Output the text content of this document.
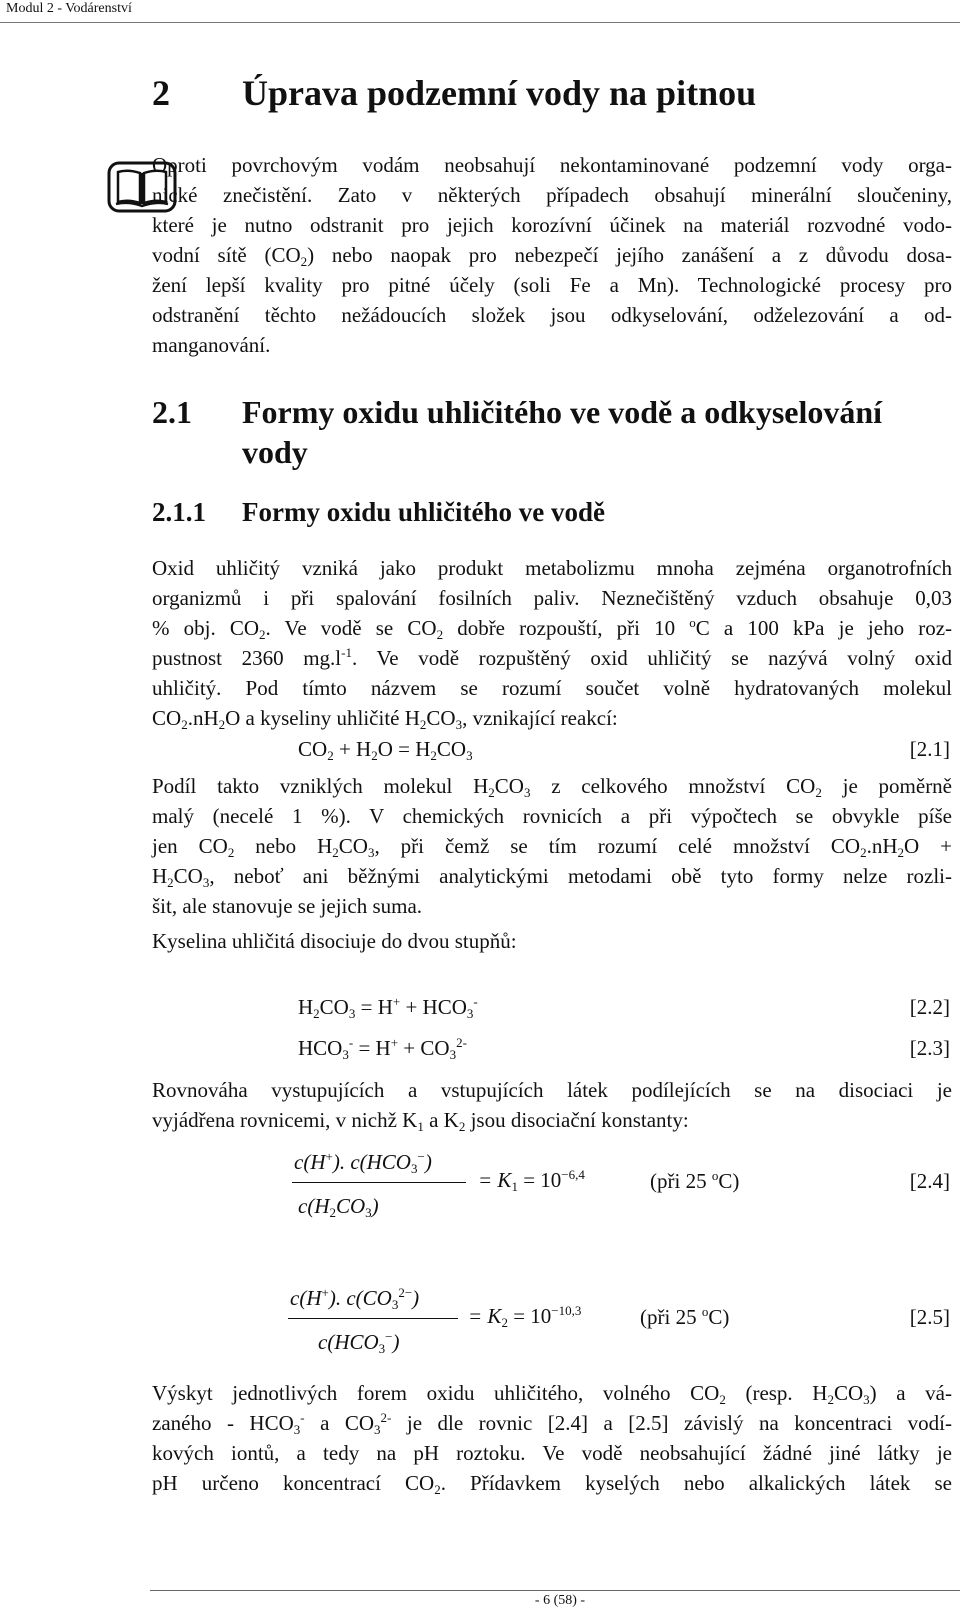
Modul 2 - Vodárenství
2 Úprava podzemní vody na pitnou
Oproti povrchovým vodám neobsahují nekontaminované podzemní vody orga-
nické znečistění. Zato v některých případech obsahují minerální sloučeniny,
které je nutno odstranit pro jejich korozívní účinek na materiál rozvodné vodo-
vodní sítě $(CO_2)$ nebo naopak pro nebezpečí jejího zanášení a z důvodu dosa-
žení lepší kvality pro pitné účely (soli Fe a Mn). Technologické procesy pro
odstranění těchto nežádoucích složek jsou odkyselování, odželezování a od-
manganování.
2.1 Formy oxidu uhličitého ve vodě a odkyselování
vody
2.1.1 Formy oxidu uhličitého ve vodě
Oxid uhličitý vzniká jako produkt metabolizmu mnoha zejména organotrofních
organizmů i při spalování fosilních paliv. Neznečištěný vzduch obsahuje 0,03
% obj. $CO_2$. Ve vodě se $CO_2$ dobře rozpouští, při 10 $^o$C a 100 kPa je jeho roz-
pustnost 2360 $mg.l^{-1}$. Ve vodě rozpuštěný oxid uhličitý se nazývá volný oxid
uhličitý. Pod tímto názvem se rozumí součet volně hydratovaných molekul
$CO_2.nH_2O$ a kyseliny uhličité $H_2CO_3$, vznikající reakcí:
$CO_2 + H_2O = H_2CO_3$	[2.1]
Podíl takto vzniklých molekul $H_2CO_3$ z celkového množství $CO_2$ je poměrně
malý (necelé 1 %). V chemických rovnicích a při výpočtech se obvykle píše
jen $CO_2$ nebo $H_2CO_3$, při čemž se tím rozumí celé množství $CO_2.nH_2O$ +
$H_2CO_3$, neboť ani běžnými analytickými metodami obě tyto formy nelze rozli-
šit, ale stanovuje se jejich suma.
Kyselina uhličitá disociuje do dvou stupňů:
$H_2CO_3 = H^+ + HCO_3^-$	[2.2]
$HCO_3^- = H^+ + CO_3^{2-}$	[2.3]
Rovnováha vystupujících a vstupujících látek podílejících se na disociaci je
vyjádřena rovnicemi, v nichž $K_1$ a $K_2$ jsou disociační konstanty:
c(H+). $c(HCO_3^-)$
$c(H_2CO_3)$
= $K_1 = 10^{-6,4}$	(při 25 $^o$C)	[2.4]
c(H+). $c(CO_3^{2-})$
$c(HCO_3^-)$
= $K_2 = 10^{-10,3}$	(při 25 $^o$C)	[2.5]
Výskyt jednotlivých forem oxidu uhličitého, volného $CO_2$ (resp. $H_2CO_3$) a vá-
zaného - $HCO_3^-$ a $CO_3^{2-}$ je dle rovnic [2.4] a [2.5] závislý na koncentraci vodí-
kových iontů, a tedy na pH roztoku. Ve vodě neobsahující žádné jiné látky je
pH určeno koncentrací $CO_2$. Přídavkem kyselých nebo alkalických látek se
- 6 (58) -
